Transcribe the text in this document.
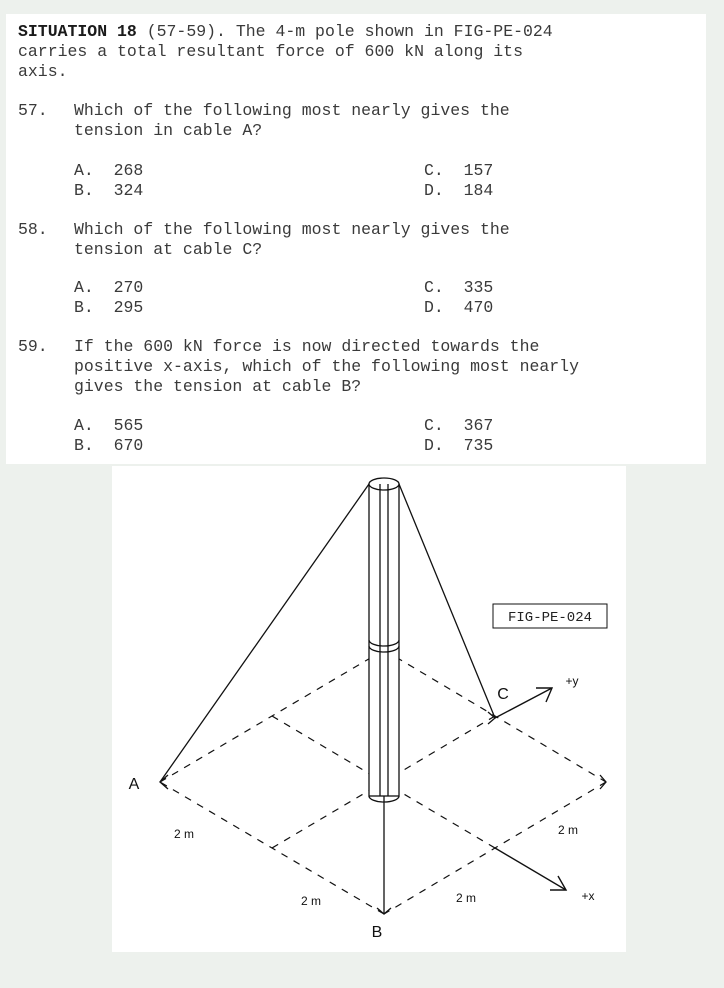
SITUATION 18 (57-59). The 4-m pole shown in FIG-PE-024
carries a total resultant force of 600 kN along its
axis.
57. Which of the following most nearly gives the
tension in cable A?
A. 268
B. 324
C. 157
D. 184
58. Which of the following most nearly gives the
tension at cable C?
A. 270
B. 295
C. 335
D. 470
59. If the 600 kN force is now directed towards the
positive x-axis, which of the following most nearly
gives the tension at cable B?
A. 565
B. 670
C. 367
D. 735
FIG-PE-024
A
B
C
+y
+x
2 m
2 m	2 m
2 m
